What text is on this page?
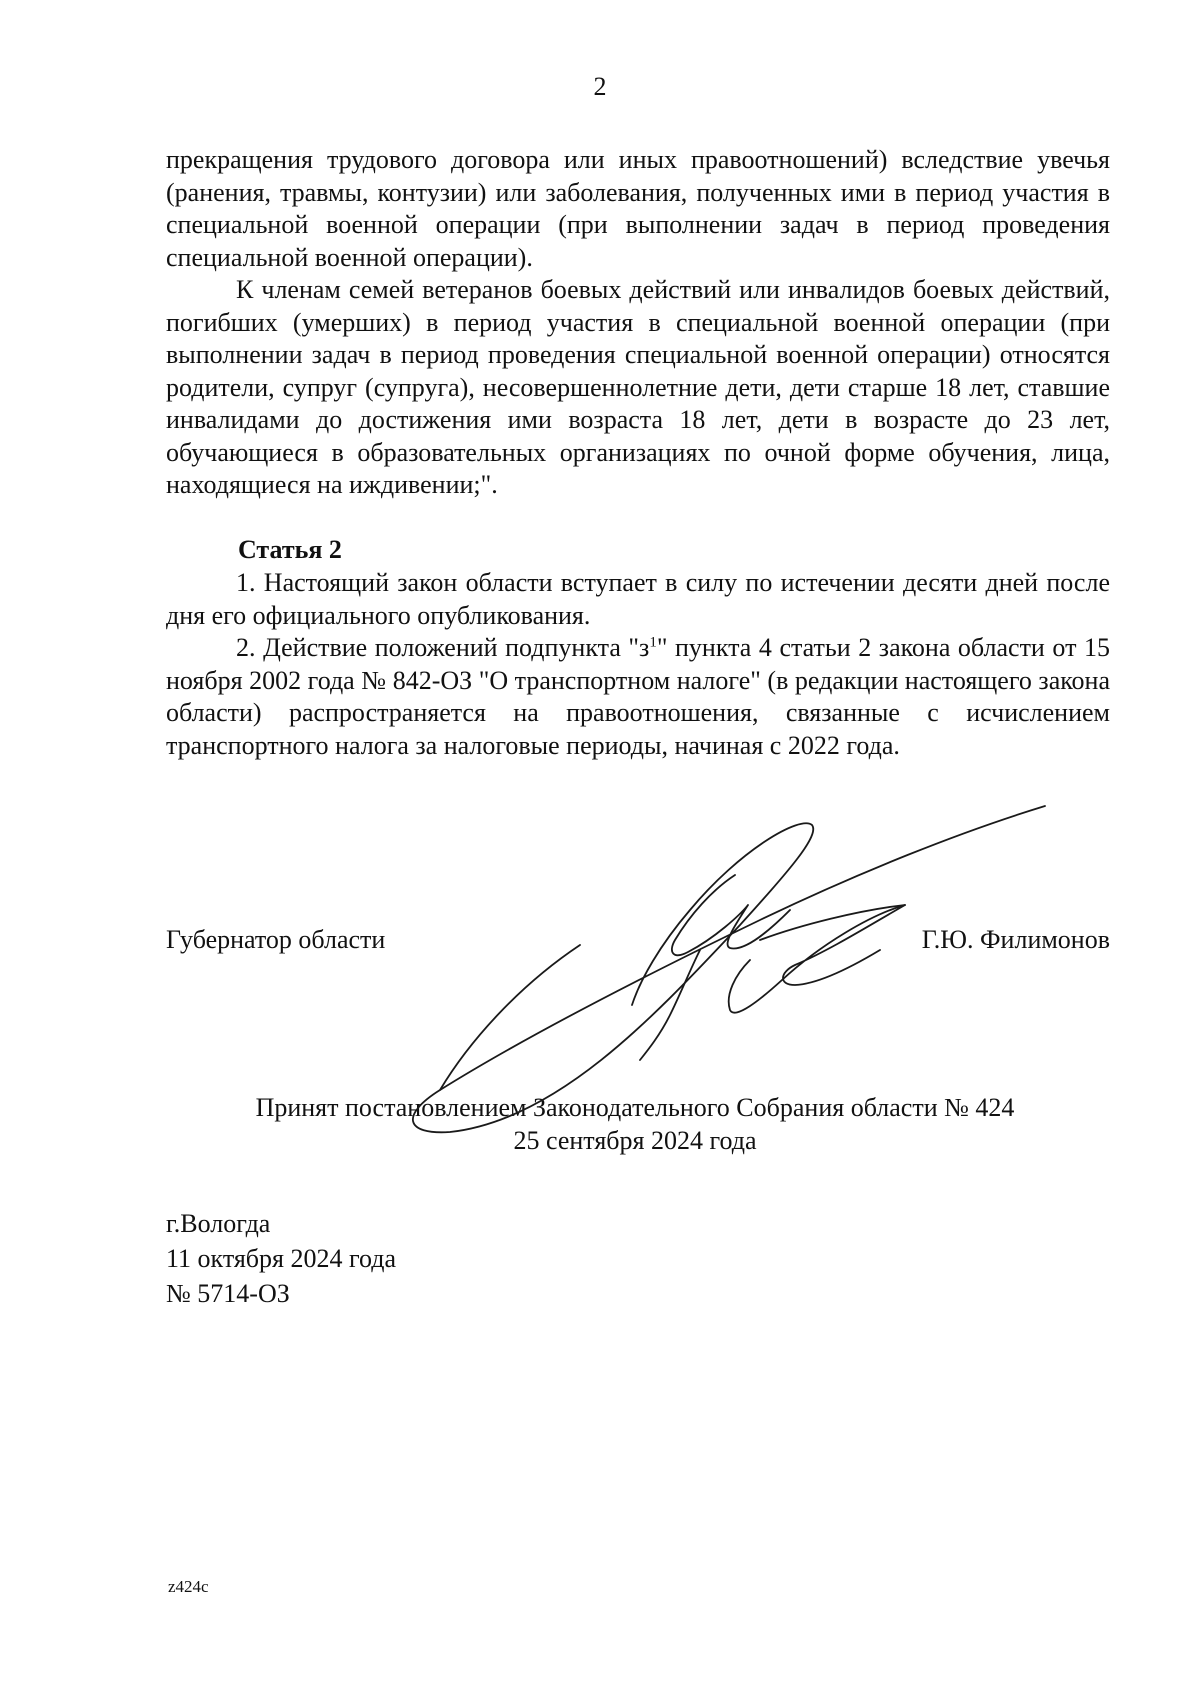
2

прекращения трудового договора или иных правоотношений) вследствие увечья (ранения, травмы, контузии) или заболевания, полученных ими в период участия в специальной военной операции (при выполнении задач в период проведения специальной военной операции).

К членам семей ветеранов боевых действий или инвалидов боевых действий, погибших (умерших) в период участия в специальной военной операции (при выполнении задач в период проведения специальной военной операции) относятся родители, супруг (супруга), несовершеннолетние дети, дети старше 18 лет, ставшие инвалидами до достижения ими возраста 18 лет, дети в возрасте до 23 лет, обучающиеся в образовательных организациях по очной форме обучения, лица, находящиеся на иждивении;".

Статья 2

1. Настоящий закон области вступает в силу по истечении десяти дней после дня его официального опубликования.

2. Действие положений подпункта "$з^1$" пункта 4 статьи 2 закона области от 15 ноября 2002 года № 842-ОЗ "О транспортном налоге" (в редакции настоящего закона области) распространяется на правоотношения, связанные с исчислением транспортного налога за налоговые периоды, начиная с 2022 года.

Губернатор области	Г.Ю. Филимонов
Принят постановлением Законодательного Собрания области № 424
25 сентября 2024 года
г.Вологда
11 октября 2024 года
№ 5714-ОЗ
z424c
